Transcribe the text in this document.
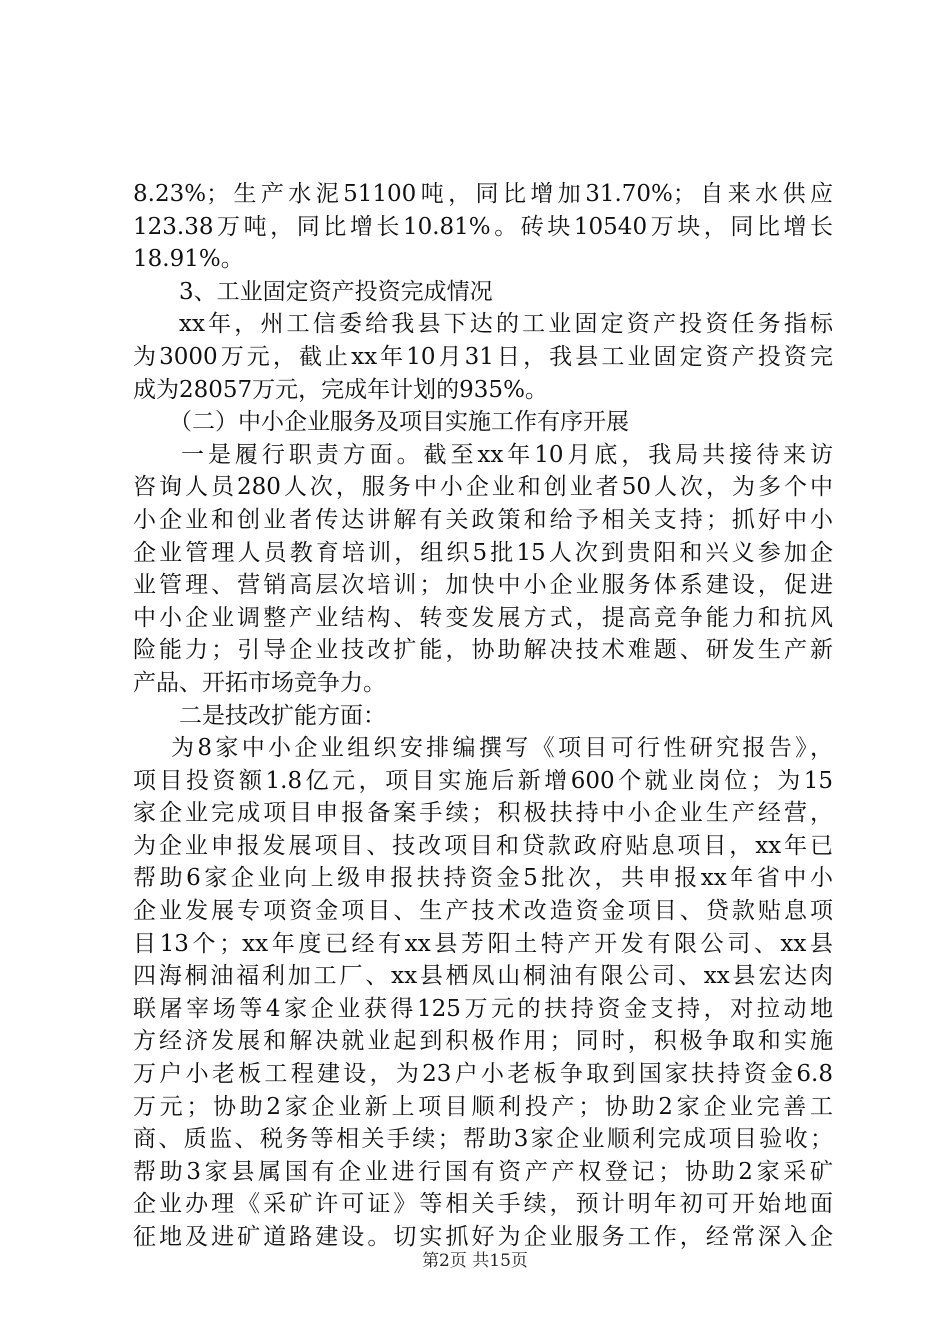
8.23%；生产水泥51100吨，同比增加31.70%；自来水供应
123.38万吨，同比增长10.81%。砖块10540万块，同比增长
18.91%。
3、工业固定资产投资完成情况
xx年，州工信委给我县下达的工业固定资产投资任务指标
为3000万元，截止xx年10月31日，我县工业固定资产投资完
成为28057万元，完成年计划的935%。
（二）中小企业服务及项目实施工作有序开展
一是履行职责方面。截至xx年10月底，我局共接待来访
咨询人员280人次，服务中小企业和创业者50人次，为多个中
小企业和创业者传达讲解有关政策和给予相关支持；抓好中小
企业管理人员教育培训，组织5批15人次到贵阳和兴义参加企
业管理、营销高层次培训；加快中小企业服务体系建设，促进
中小企业调整产业结构、转变发展方式，提高竞争能力和抗风
险能力；引导企业技改扩能，协助解决技术难题、研发生产新
产品、开拓市场竞争力。
二是技改扩能方面：
为8家中小企业组织安排编撰写《项目可行性研究报告》，
项目投资额1.8亿元，项目实施后新增600个就业岗位；为15
家企业完成项目申报备案手续；积极扶持中小企业生产经营，
为企业申报发展项目、技改项目和贷款政府贴息项目，xx年已
帮助6家企业向上级申报扶持资金5批次，共申报xx年省中小
企业发展专项资金项目、生产技术改造资金项目、贷款贴息项
目13个；xx年度已经有xx县芳阳土特产开发有限公司、xx县
四海桐油福利加工厂、xx县栖凤山桐油有限公司、xx县宏达肉
联屠宰场等4家企业获得125万元的扶持资金支持，对拉动地
方经济发展和解决就业起到积极作用；同时，积极争取和实施
万户小老板工程建设，为23户小老板争取到国家扶持资金6.8
万元；协助2家企业新上项目顺利投产；协助2家企业完善工
商、质监、税务等相关手续；帮助3家企业顺利完成项目验收；
帮助3家县属国有企业进行国有资产产权登记；协助2家采矿
企业办理《采矿许可证》等相关手续，预计明年初可开始地面
征地及进矿道路建设。切实抓好为企业服务工作，经常深入企
第2页 共15页
